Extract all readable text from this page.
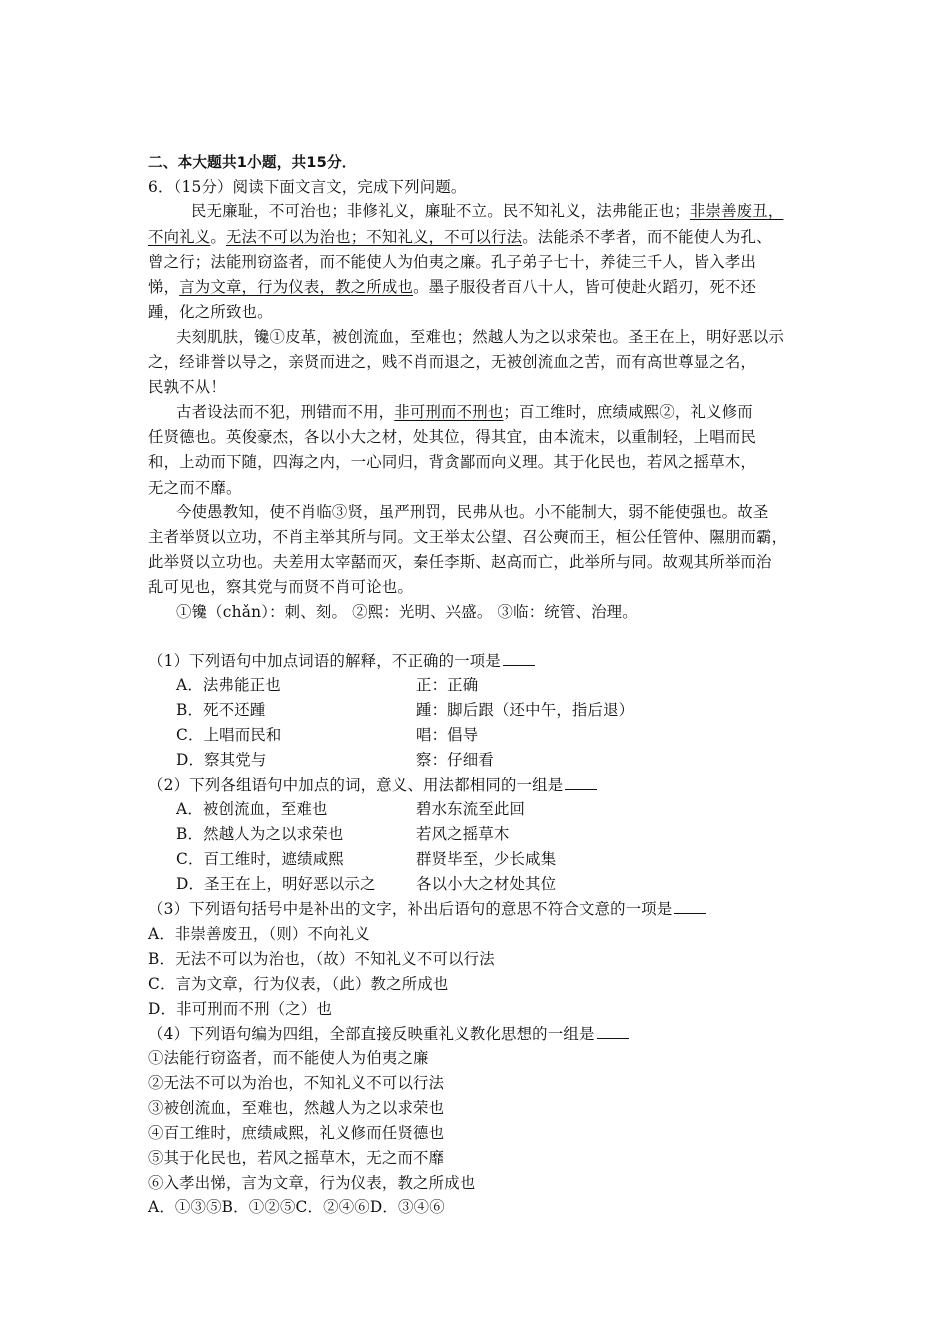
二、本大题共1小题，共15分．
6．（15分）阅读下面文言文，完成下列问题。
民无廉耻，不可治也；非修礼义，廉耻不立。民不知礼义，法弗能正也；非崇善废丑，
不向礼义。无法不可以为治也；不知礼义，不可以行法。法能杀不孝者，而不能使人为孔、
曾之行；法能刑窃盗者，而不能使人为伯夷之廉。孔子弟子七十，养徒三千人，皆入孝出
悌，言为文章，行为仪表，教之所成也。墨子服役者百八十人，皆可使赴火蹈刃，死不还
踵，化之所致也。
夫刻肌肤，镵①皮革，被创流血，至难也；然越人为之以求荣也。圣王在上，明好恶以示
之，经诽誉以导之，亲贤而进之，贱不肖而退之，无被创流血之苦，而有高世尊显之名，
民孰不从！
古者设法而不犯，刑错而不用，非可刑而不刑也；百工维时，庶绩咸熙②，礼义修而
任贤德也。英俊豪杰，各以小大之材，处其位，得其宜，由本流末，以重制轻，上唱而民
和，上动而下随，四海之内，一心同归，背贪鄙而向义理。其于化民也，若风之摇草木，
无之而不靡。
今使愚教知，使不肖临③贤，虽严刑罚，民弗从也。小不能制大，弱不能使强也。故圣
主者举贤以立功，不肖主举其所与同。文王举太公望、召公奭而王，桓公任管仲、隰朋而霸，
此举贤以立功也。夫差用太宰嚭而灭，秦任李斯、赵高而亡，此举所与同。故观其所举而治
乱可见也，察其党与而贤不肖可论也。
①镵（chǎn）：刺、刻。 ②熙：光明、兴盛。 ③临：统管、治理。
（1）下列语句中加点词语的解释，不正确的一项是
A．法弗能正也	正：正确
B．死不还踵	踵：脚后跟（还中午，指后退）
C．上唱而民和	唱：倡导
D．察其党与	察：仔细看
（2）下列各组语句中加点的词，意义、用法都相同的一组是
A．被创流血，至难也	碧水东流至此回
B．然越人为之以求荣也	若风之摇草木
C．百工维时，遮绩咸熙	群贤毕至，少长咸集
D．圣王在上，明好恶以示之	各以小大之材处其位
（3）下列语句括号中是补出的文字，补出后语句的意思不符合文意的一项是
A．非崇善废丑，（则）不向礼义
B．无法不可以为治也，（故）不知礼义不可以行法
C．言为文章，行为仪表，（此）教之所成也
D．非可刑而不刑（之）也
（4）下列语句编为四组，全部直接反映重礼义教化思想的一组是
①法能行窃盗者，而不能使人为伯夷之廉
②无法不可以为治也，不知礼义不可以行法
③被创流血，至难也，然越人为之以求荣也
④百工维时，庶绩咸熙，礼义修而任贤德也
⑤其于化民也，若风之摇草木，无之而不靡
⑥入孝出悌，言为文章，行为仪表，教之所成也
A．①③⑤B．①②⑤C．②④⑥D．③④⑥
